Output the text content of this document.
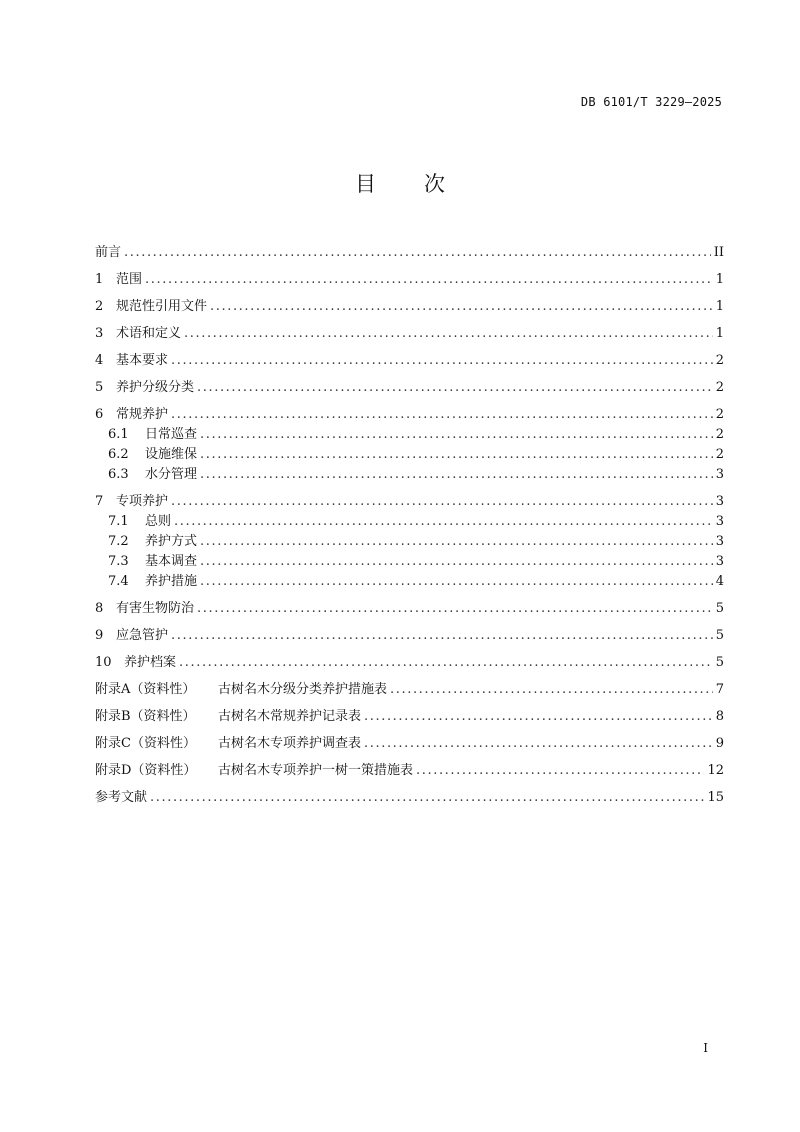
DB 6101/T 3229—2025
目次
前言 .....	II
1 范围 .....	1
2 规范性引用文件 .....	1
3 术语和定义 .....	1
4 基本要求 .....	2
5 养护分级分类 .....	2
6 常规养护 .....	2
6.1	日常巡查 .....	2
6.2	设施维保 .....	2
6.3	水分管理 .....	3
7 专项养护 .....	3
7.1	总则 .....	3
7.2	养护方式 .....	3
7.3	基本调查 .....	3
7.4	养护措施 .....	4
8 有害生物防治 .....	5
9 应急管护 .....	5
10 养护档案 .....	5
附录A（资料性）	古树名木分级分类养护措施表 .....	7
附录B（资料性）	古树名木常规养护记录表 .....	8
附录C（资料性）	古树名木专项养护调查表 .....	9
附录D（资料性）	古树名木专项养护一树一策措施表 .....	12
参考文献 .....	15
I
